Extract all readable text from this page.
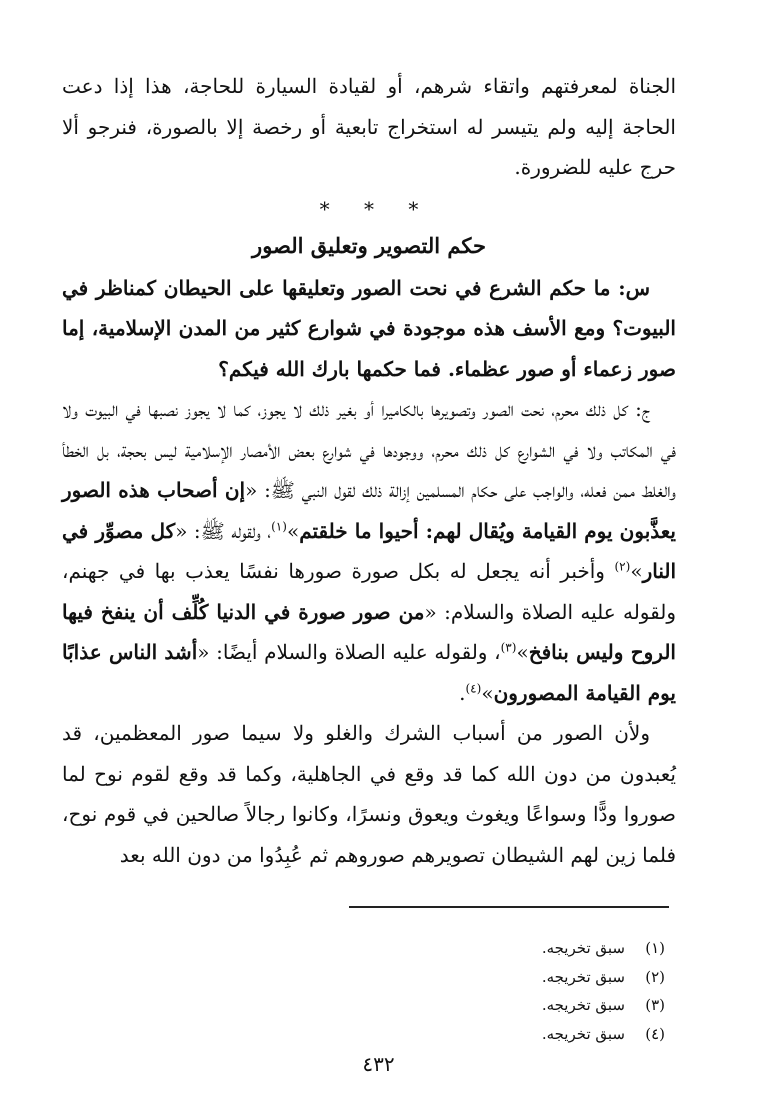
الجناة لمعرفتهم واتقاء شرهم، أو لقيادة السيارة للحاجة، هذا إذا دعت الحاجة إليه ولم يتيسر له استخراج تابعية أو رخصة إلا بالصورة، فنرجو ألا حرج عليه للضرورة.

* * *
حكم التصوير وتعليق الصور

س: ما حكم الشرع في نحت الصور وتعليقها على الحيطان كمناظر في البيوت؟ ومع الأسف هذه موجودة في شوارع كثير من المدن الإسلامية، إما صور زعماء أو صور عظماء. فما حكمها بارك الله فيكم؟

ج: كل ذلك محرم، نحت الصور وتصويرها بالكاميرا أو بغير ذلك لا يجوز، كما لا يجوز نصبها في البيوت ولا في المكاتب ولا في الشوارع كل ذلك محرم، ووجودها في شوارع بعض الأمصار الإسلامية ليس بحجة، بل الخطأ والغلط ممن فعله، والواجب على حكام المسلمين إزالة ذلك لقول النبي ﷺ: «إن أصحاب هذه الصور يعذَّبون يوم القيامة ويُقال لهم: أحيوا ما خلقتم»$^{(١)}$، ولقوله ﷺ: «كل مصوِّر في النار»$^{(٢)}$ وأخبر أنه يجعل له بكل صورة صورها نفسًا يعذب بها في جهنم، ولقوله عليه الصلاة والسلام: «من صور صورة في الدنيا كُلِّف أن ينفخ فيها الروح وليس بنافخ»$^{(٣)}$، ولقوله عليه الصلاة والسلام أيضًا: «أشد الناس عذابًا يوم القيامة المصورون»$^{(٤)}$.

ولأن الصور من أسباب الشرك والغلو ولا سيما صور المعظمين، قد يُعبدون من دون الله كما قد وقع في الجاهلية، وكما قد وقع لقوم نوح لما صوروا ودًّا وسواعًا ويغوث ويعوق ونسرًا، وكانوا رجالاً صالحين في قوم نوح، فلما زين لهم الشيطان تصويرهم صوروهم ثم عُبِدُوا من دون الله بعد

(١)
سبق تخريجه.
(٢)
سبق تخريجه.
(٣)
سبق تخريجه.
(٤)
سبق تخريجه.
٤٣٢
